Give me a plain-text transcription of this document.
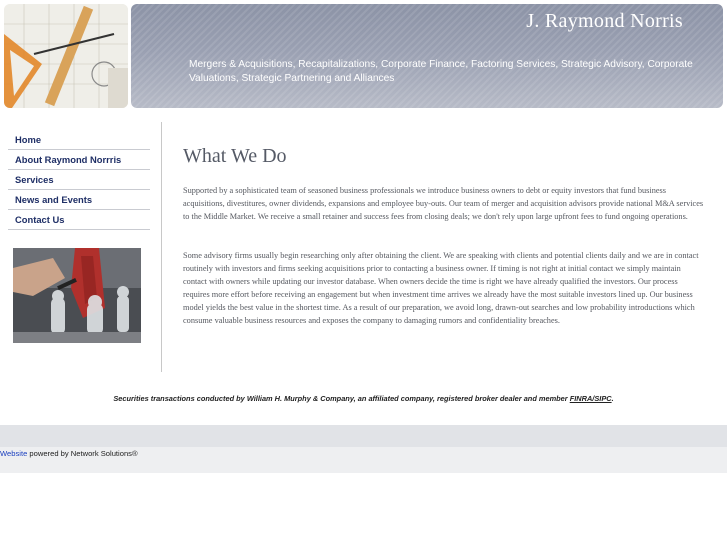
J. Raymond Norris
Mergers & Acquisitions, Recapitalizations, Corporate Finance, Factoring Services, Strategic Advisory, Corporate Valuations, Strategic Partnering and Alliances
Home
About Raymond Norrris
Services
News and Events
Contact Us
What We Do

Supported by a sophisticated team of seasoned business professionals we introduce business owners to debt or equity investors that fund business acquisitions, divestitures, owner dividends, expansions and employee buy-outs. Our team of merger and acquisition advisors provide national M&A services to the Middle Market. We receive a small retainer and success fees from closing deals; we don't rely upon large upfront fees to fund ongoing operations.

Some advisory firms usually begin researching only after obtaining the client. We are speaking with clients and potential clients daily and we are in contact routinely with investors and firms seeking acquisitions prior to contacting a business owner. If timing is not right at initial contact we simply maintain contact with owners while updating our investor database. When owners decide the time is right we have already qualified the investors. Our process requires more effort before receiving an engagement but when investment time arrives we already have the most suitable investors lined up. Our business model yields the best value in the shortest time. As a result of our preparation, we avoid long, drawn-out searches and low probability introductions which consume valuable business resources and exposes the company to damaging rumors and confidentiality breaches.

Securities transactions conducted by William H. Murphy & Company, an affiliated company, registered broker dealer and member FINRA/SIPC.
Website powered by Network Solutions®
